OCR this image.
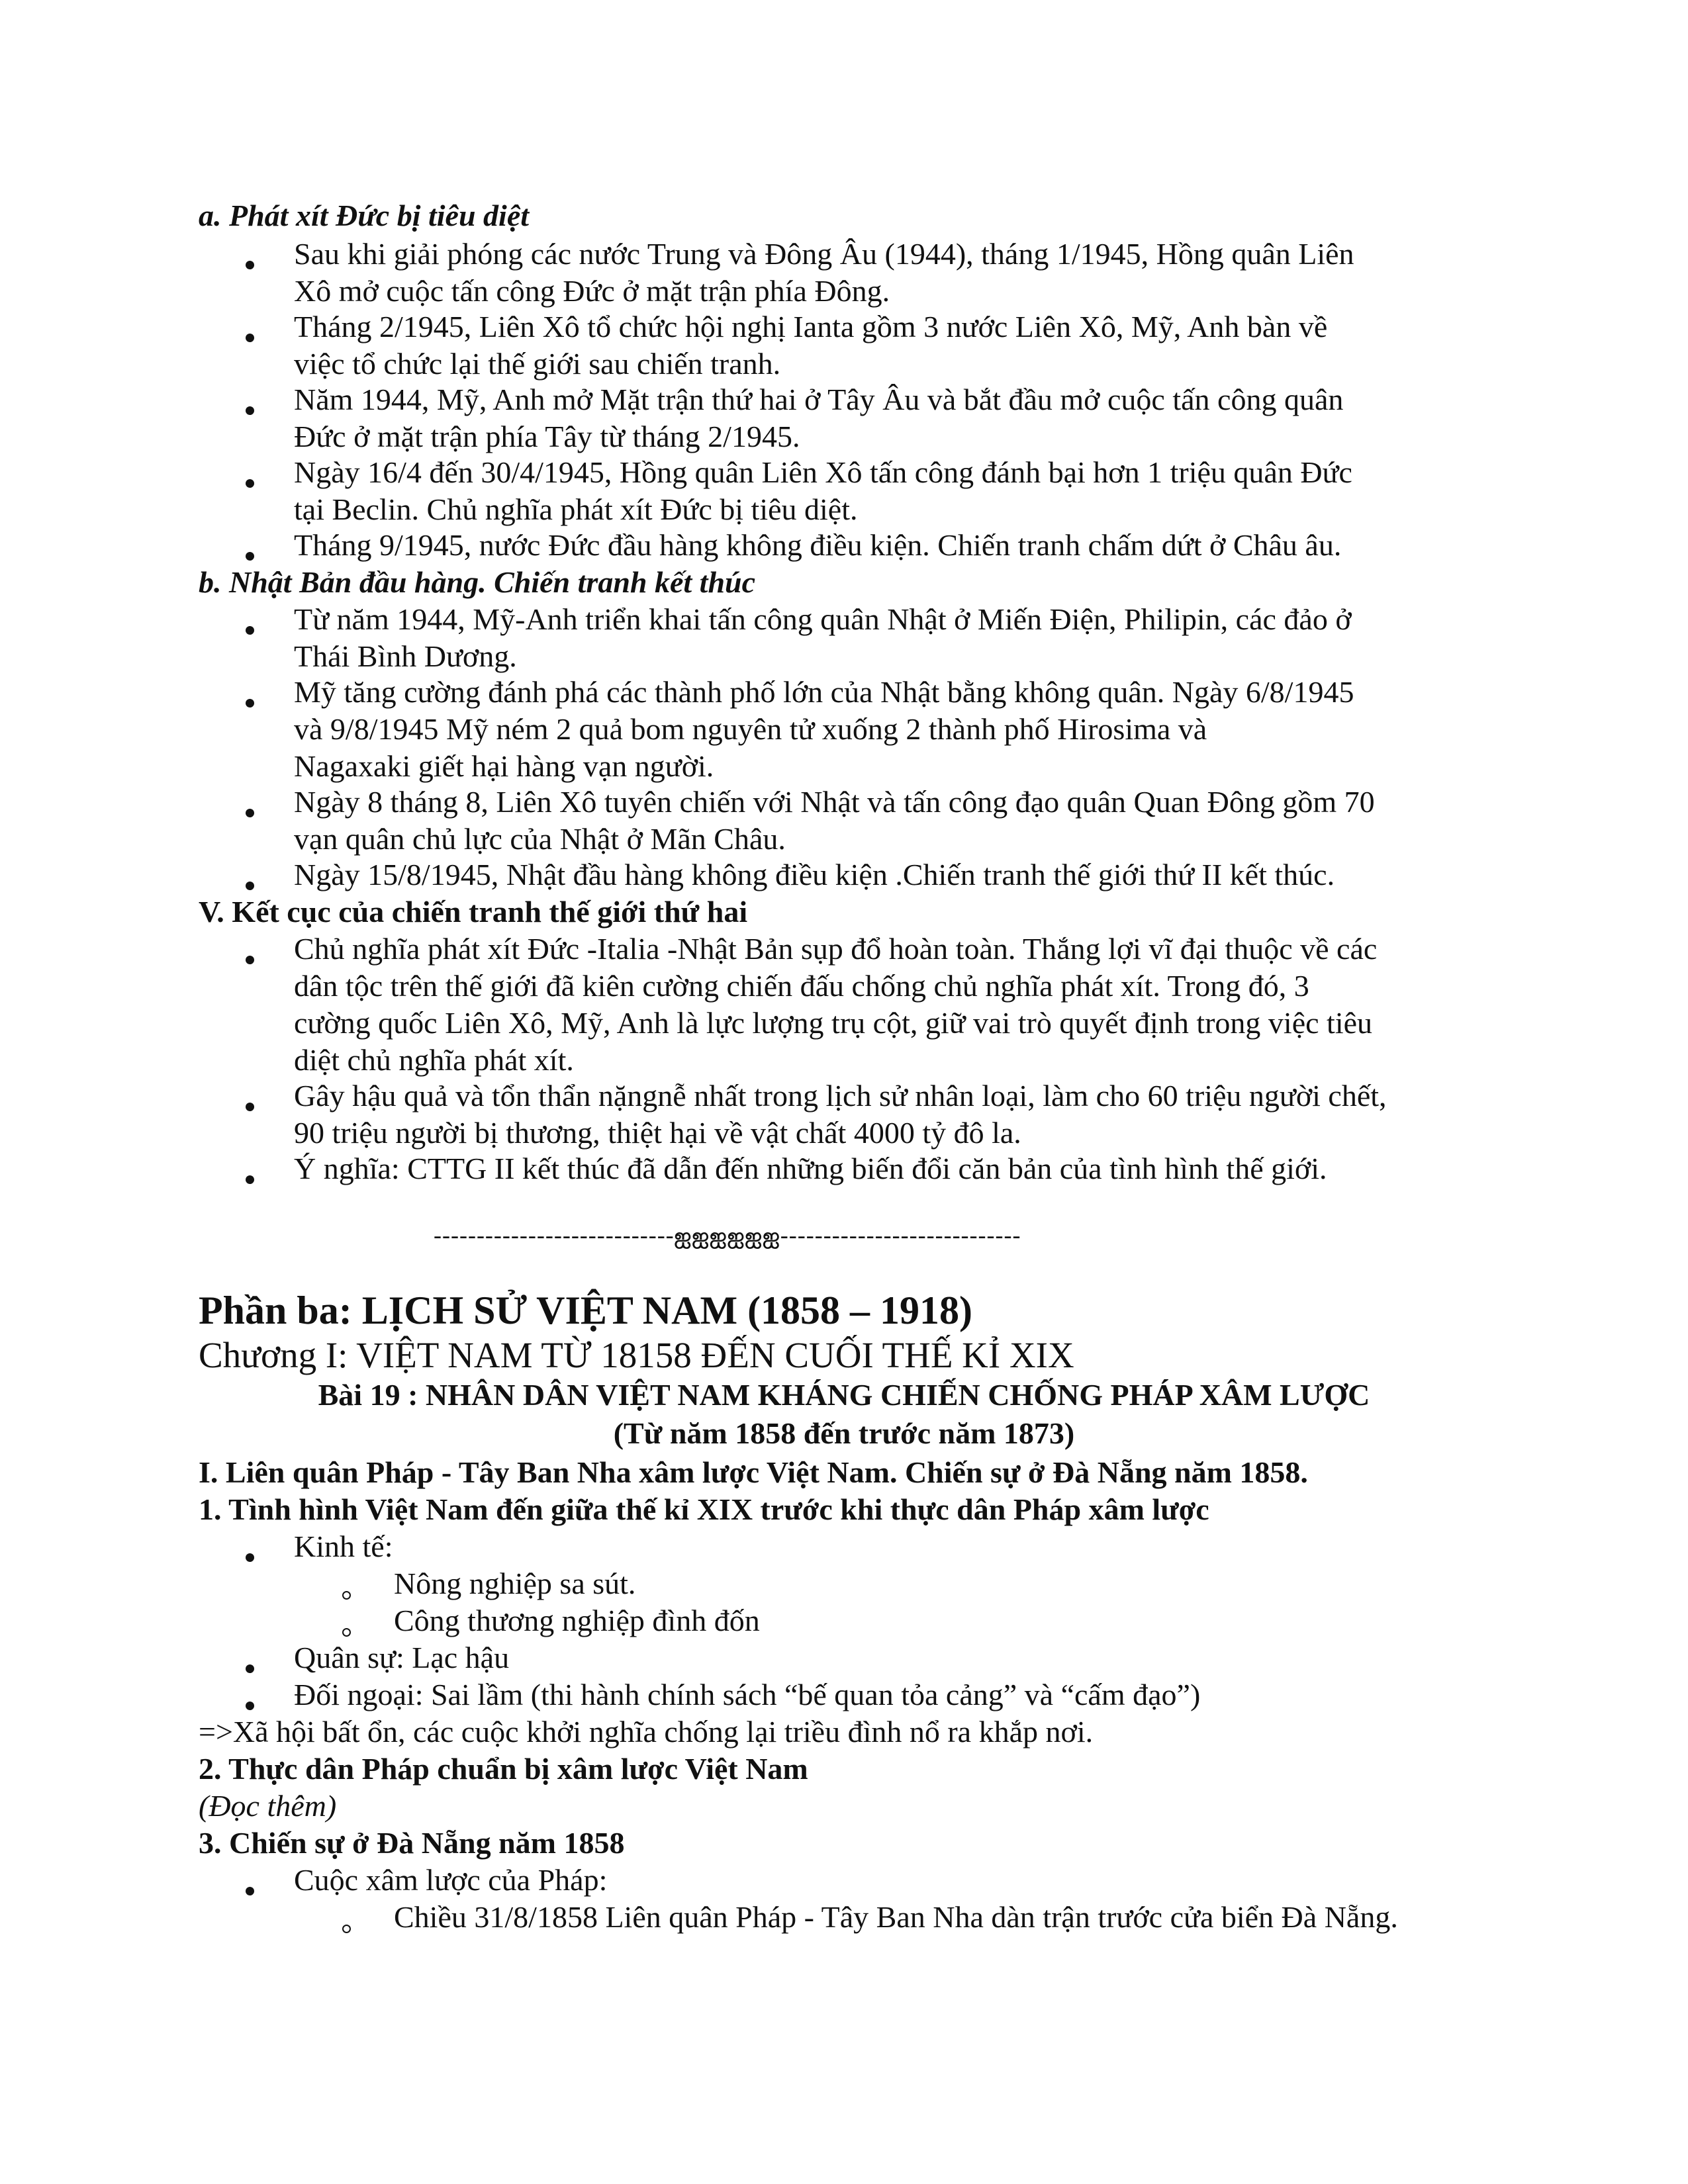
a. Phát xít Đức bị tiêu diệt
Sau khi giải phóng các nước Trung và Đông Âu (1944), tháng 1/1945, Hồng quân Liên
Xô mở cuộc tấn công Đức ở mặt trận phía Đông.
Tháng 2/1945, Liên Xô tổ chức hội nghị Ianta gồm 3 nước Liên Xô, Mỹ, Anh bàn về
việc tổ chức lại thế giới sau chiến tranh.
Năm 1944, Mỹ, Anh mở Mặt trận thứ hai ở Tây Âu và bắt đầu mở cuộc tấn công quân
Đức ở mặt trận phía Tây từ tháng 2/1945.
Ngày 16/4 đến 30/4/1945, Hồng quân Liên Xô tấn công đánh bại hơn 1 triệu quân Đức
tại Beclin. Chủ nghĩa phát xít Đức bị tiêu diệt.
Tháng 9/1945, nước Đức đầu hàng không điều kiện. Chiến tranh chấm dứt ở Châu âu.
b. Nhật Bản đầu hàng. Chiến tranh kết thúc
Từ năm 1944, Mỹ-Anh triển khai tấn công quân Nhật ở Miến Điện, Philipin, các đảo ở
Thái Bình Dương.
Mỹ tăng cường đánh phá các thành phố lớn của Nhật bằng không quân. Ngày 6/8/1945
và 9/8/1945 Mỹ ném 2 quả bom nguyên tử xuống 2 thành phố Hirosima và
Nagaxaki giết hại hàng vạn người.
Ngày 8 tháng 8, Liên Xô tuyên chiến với Nhật và tấn công đạo quân Quan Đông gồm 70
vạn quân chủ lực của Nhật ở Mãn Châu.
Ngày 15/8/1945, Nhật đầu hàng không điều kiện .Chiến tranh thế giới thứ II kết thúc.
V. Kết cục của chiến tranh thế giới thứ hai
Chủ nghĩa phát xít Đức -Italia -Nhật Bản sụp đổ hoàn toàn. Thắng lợi vĩ đại thuộc về các
dân tộc trên thế giới đã kiên cường chiến đấu chống chủ nghĩa phát xít. Trong đó, 3
cường quốc Liên Xô, Mỹ, Anh là lực lượng trụ cột, giữ vai trò quyết định trong việc tiêu
diệt chủ nghĩa phát xít.
Gây hậu quả và tổn thẩn nặngnễ nhất trong lịch sử nhân loại, làm cho 60 triệu người chết,
90 triệu người bị thương, thiệt hại về vật chất 4000 tỷ đô la.
Ý nghĩa: CTTG II kết thúc đã dẫn đến những biến đổi căn bản của tình hình thế giới.
----------------------------ஐஐஐஐஐஐ----------------------------
Phần ba: LỊCH SỬ VIỆT NAM (1858 – 1918)
Chương I: VIỆT NAM TỪ 18158 ĐẾN CUỐI THẾ KỈ XIX
Bài 19 : NHÂN DÂN VIỆT NAM KHÁNG CHIẾN CHỐNG PHÁP XÂM LƯỢC
(Từ năm 1858 đến trước năm 1873)
I. Liên quân Pháp - Tây Ban Nha xâm lược Việt Nam. Chiến sự ở Đà Nẵng năm 1858.
1. Tình hình Việt Nam đến giữa thế kỉ XIX trước khi thực dân Pháp xâm lược
Kinh tế:
Nông nghiệp sa sút.
Công thương nghiệp đình đốn
Quân sự: Lạc hậu
Đối ngoại: Sai lầm (thi hành chính sách “bế quan tỏa cảng” và “cấm đạo”)
=>Xã hội bất ổn, các cuộc khởi nghĩa chống lại triều đình nổ ra khắp nơi.
2. Thực dân Pháp chuẩn bị xâm lược Việt Nam
(Đọc thêm)
3. Chiến sự ở Đà Nẵng năm 1858
Cuộc xâm lược của Pháp:
Chiều 31/8/1858 Liên quân Pháp - Tây Ban Nha dàn trận trước cửa biển Đà Nẵng.
